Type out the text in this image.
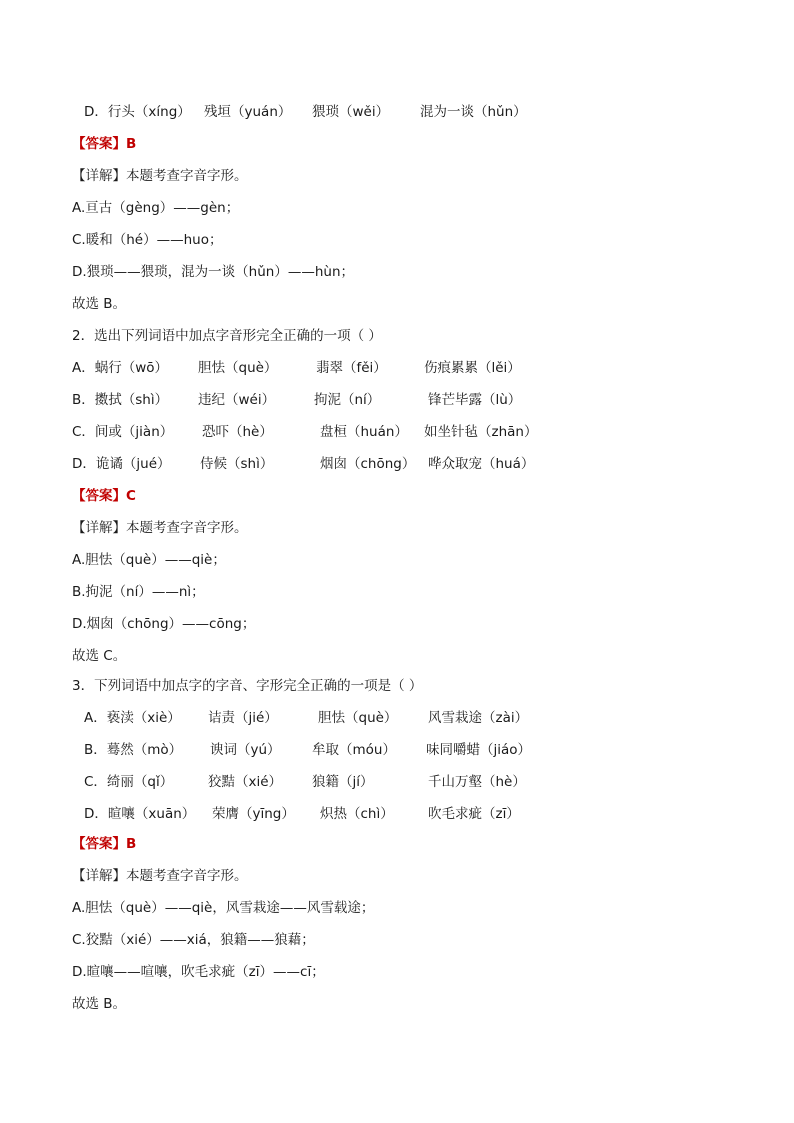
D．行头（xíng） 残垣（yuán） 猥琐（wěi） 混为一谈（hǔn）
【答案】B
【详解】本题考查字音字形。
A.亘古（gèng）——gèn；
C.暖和（hé）——huo；
D.猥琐——猥琐，混为一谈（hǔn）——hùn；
故选 B。
2．选出下列词语中加点字音形完全正确的一项（ ）
A．蜗行（wō） 胆怯（què）	翡翠（fěi）	伤痕累累（lěi）
B．擞拭（shì） 违纪（wéi）	拘泥（ní）	锋芒毕露（lù）
C．间或（jiàn） 恐吓（hè）	盘桓（huán） 如坐针毡（zhān）
D．诡谲（jué） 侍候（shì）	烟囱（chōng） 哗众取宠（huá）
【答案】C
【详解】本题考查字音字形。
A.胆怯（què）——qiè；
B.拘泥（ní）——nì；
D.烟囱（chōng）——cōng；
故选 C。
3．下列词语中加点字的字音、字形完全正确的一项是（ ）
A．亵渎（xiè） 诘责（jié）	胆怯（què） 风雪栽途（zài）
B．蓦然（mò） 谀词（yú） 牟取（móu） 味同嚼蜡（jiáo）
C．绮丽（qǐ）	狡黠（xié） 狼籍（jí）	千山万壑（hè）
D．暄嚷（xuān） 荣膺（yīng） 炽热（chì）	吹毛求疵（zī）
【答案】B
【详解】本题考查字音字形。
A.胆怯（què）——qiè，风雪栽途——风雪载途；
C.狡黠（xié）——xiá，狼籍——狼藉；
D.暄嚷——喧嚷，吹毛求疵（zī）——cī；
故选 B。
